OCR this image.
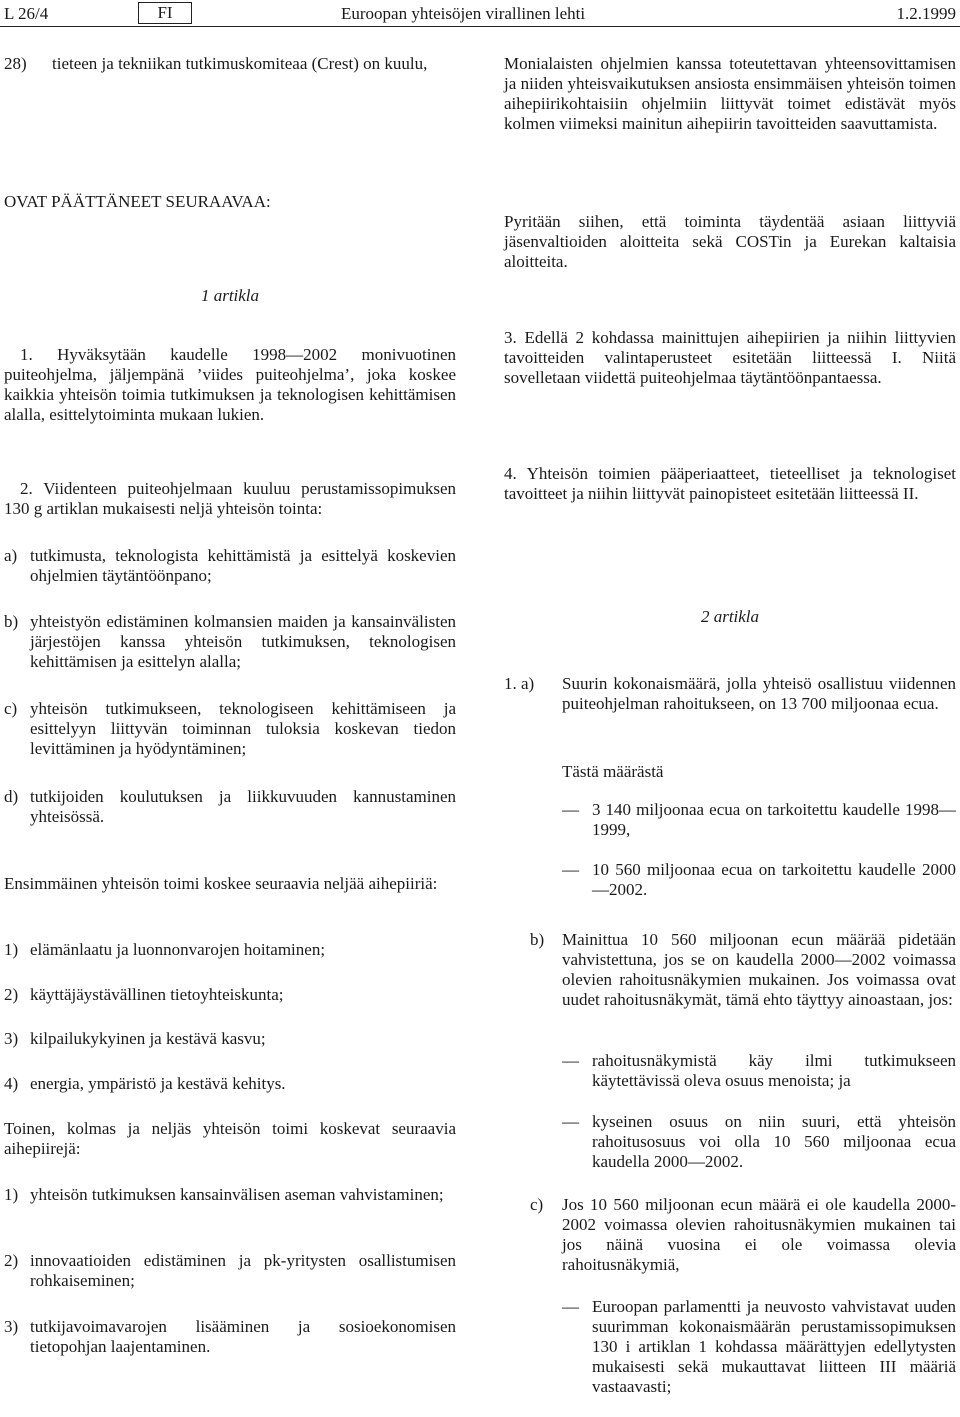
L 26/4	FI	Euroopan yhteisöjen virallinen lehti	1.2.1999
28)	tieteen ja tekniikan tutkimuskomiteaa (Crest) on kuulu,
OVAT PÄÄTTÄNEET SEURAAVAA:
1 artikla
1. Hyväksytään kaudelle 1998—2002 monivuotinen puiteohjelma, jäljempänä ’viides puiteohjelma’, joka koskee kaikkia yhteisön toimia tutkimuksen ja teknologisen kehittämisen alalla, esittelytoiminta mukaan lukien.
2. Viidenteen puiteohjelmaan kuuluu perustamissopimuksen 130 g artiklan mukaisesti neljä yhteisön tointa:
a) tutkimusta, teknologista kehittämistä ja esittelyä koskevien ohjelmien täytäntöönpano;
b) yhteistyön edistäminen kolmansien maiden ja kansainvälisten järjestöjen kanssa yhteisön tutkimuksen, teknologisen kehittämisen ja esittelyn alalla;
c) yhteisön tutkimukseen, teknologiseen kehittämiseen ja esittelyyn liittyvän toiminnan tuloksia koskevan tiedon levittäminen ja hyödyntäminen;
d) tutkijoiden koulutuksen ja liikkuvuuden kannustaminen yhteisössä.
Ensimmäinen yhteisön toimi koskee seuraavia neljää aihepiiriä:
1) elämänlaatu ja luonnonvarojen hoitaminen;
2) käyttäjäystävällinen tietoyhteiskunta;
3) kilpailukykyinen ja kestävä kasvu;
4) energia, ympäristö ja kestävä kehitys.
Toinen, kolmas ja neljäs yhteisön toimi koskevat seuraavia aihepiirejä:
1) yhteisön tutkimuksen kansainvälisen aseman vahvistaminen;
2) innovaatioiden edistäminen ja pk-yritysten osallistumisen rohkaiseminen;
3) tutkijavoimavarojen lisääminen ja sosioekonomisen tietopohjan laajentaminen.
Monialaisten ohjelmien kanssa toteutettavan yhteensovittamisen ja niiden yhteisvaikutuksen ansiosta ensimmäisen yhteisön toimen aihepiirikohtaisiin ohjelmiin liittyvät toimet edistävät myös kolmen viimeksi mainitun aihepiirin tavoitteiden saavuttamista.
Pyritään siihen, että toiminta täydentää asiaan liittyviä jäsenvaltioiden aloitteita sekä COSTin ja Eurekan kaltaisia aloitteita.
3. Edellä 2 kohdassa mainittujen aihepiirien ja niihin liittyvien tavoitteiden valintaperusteet esitetään liitteessä I. Niitä sovelletaan viidettä puiteohjelmaa täytäntöönpantaessa.
4. Yhteisön toimien pääperiaatteet, tieteelliset ja teknologiset tavoitteet ja niihin liittyvät painopisteet esitetään liitteessä II.
2 artikla
1. a)	Suurin kokonaismäärä, jolla yhteisö osallistuu viidennen puiteohjelman rahoitukseen, on 13 700 miljoonaa ecua.
Tästä määrästä
— 3 140 miljoonaa ecua on tarkoitettu kaudelle 1998—1999,
— 10 560 miljoonaa ecua on tarkoitettu kaudelle 2000—2002.
b)	Mainittua 10 560 miljoonan ecun määrää pidetään vahvistettuna, jos se on kaudella 2000—2002 voimassa olevien rahoitusnäkymien mukainen. Jos voimassa ovat uudet rahoitusnäkymät, tämä ehto täyttyy ainoastaan, jos:
— rahoitusnäkymistä käy ilmi tutkimukseen käytettävissä oleva osuus menoista; ja
— kyseinen osuus on niin suuri, että yhteisön rahoitusosuus voi olla 10 560 miljoonaa ecua kaudella 2000—2002.
c)	Jos 10 560 miljoonan ecun määrä ei ole kaudella 2000-2002 voimassa olevien rahoitusnäkymien mukainen tai jos näinä vuosina ei ole voimassa olevia rahoitusnäkymiä,
— Euroopan parlamentti ja neuvosto vahvistavat uuden suurimman kokonaismäärän perustamissopimuksen 130 i artiklan 1 kohdassa määrättyjen edellytysten mukaisesti sekä mukauttavat liitteen III määriä vastaavasti;
